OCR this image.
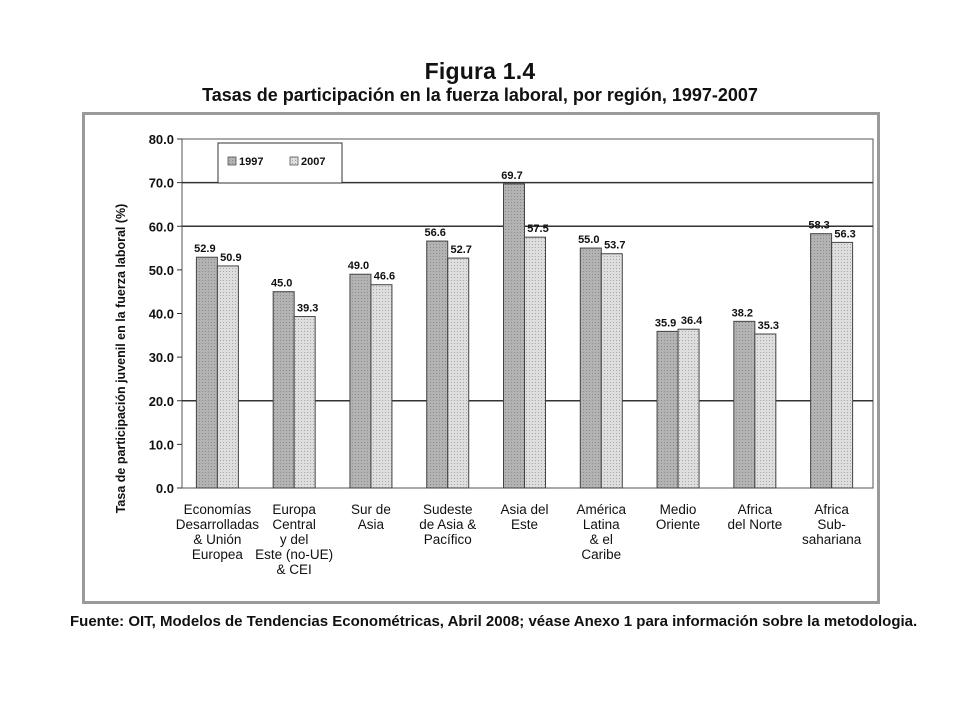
Figura 1.4
Tasas de participación en la fuerza laboral, por región, 1997-2007
0.0
10.0
20.0
30.0
40.0
50.0
60.0
70.0
80.0
Tasa de participación juvenil en la fuerza laboral (%)
1997	2007
52.9
50.9
Economías Desarrolladas & Unión Europea
45.0
39.3
Europa Central y del Este (no-UE) & CEI
49.0
46.6
Sur de Asia
56.6
52.7
Sudeste de Asia & Pacífico
69.7
57.5
Asia del Este
55.0 53.7
América Latina & el Caribe
35.9 36.4
Medio Oriente
38.2
35.3
Africa del Norte
58.3
56.3
Africa Sub-sahariana
Fuente: OIT, Modelos de Tendencias Econométricas, Abril 2008; véase Anexo 1 para información sobre la metodologia.
